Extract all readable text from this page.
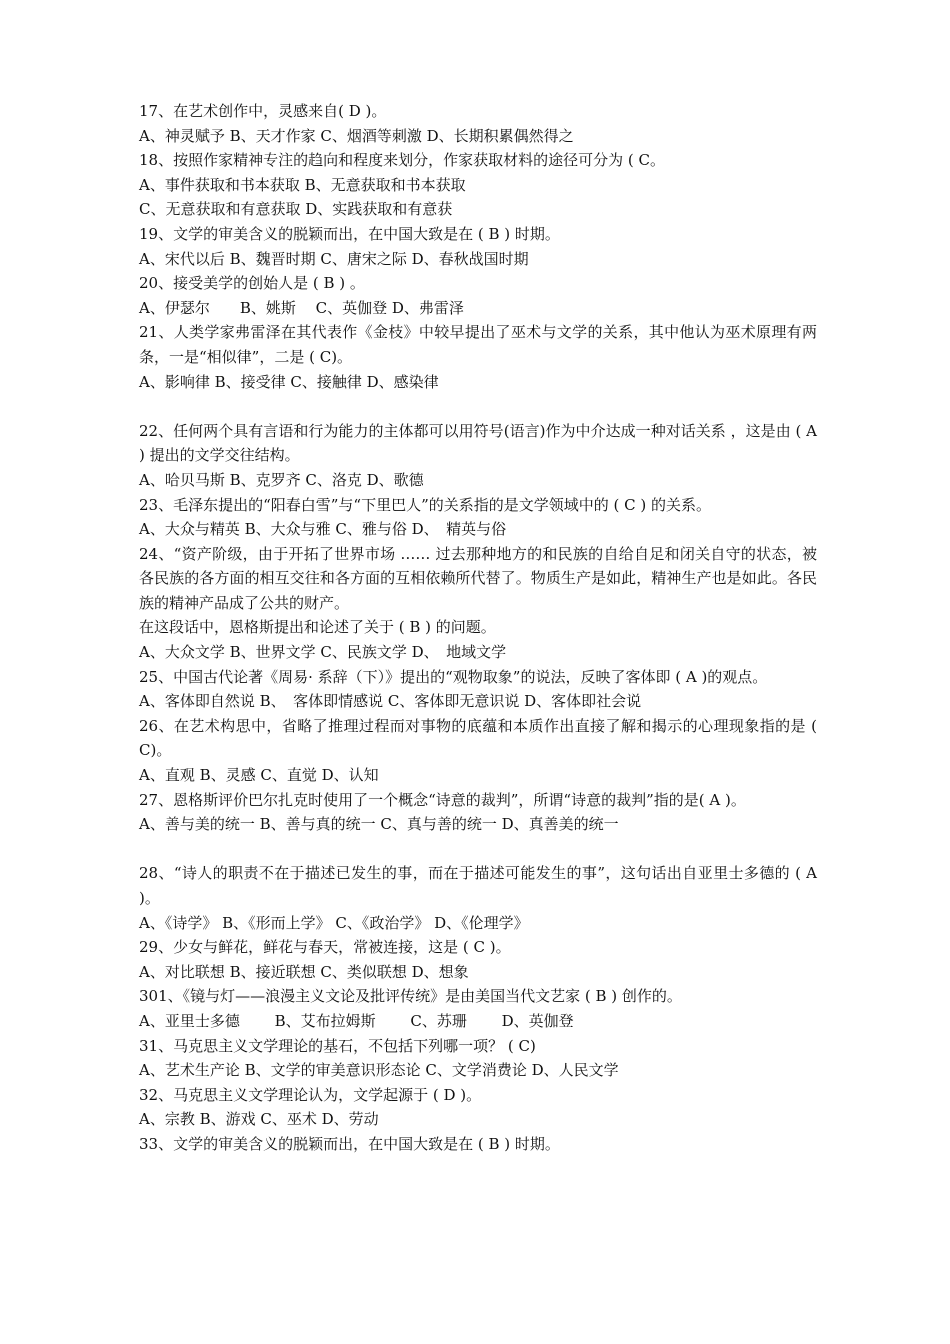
17、在艺术创作中，灵感来自( D )。
A、神灵赋予 B、天才作家 C、烟酒等刺激 D、长期积累偶然得之
18、按照作家精神专注的趋向和程度来划分，作家获取材料的途径可分为 ( C。
A、事件获取和书本获取 B、无意获取和书本获取
C、无意获取和有意获取 D、实践获取和有意获
19、文学的审美含义的脱颖而出，在中国大致是在 ( B ) 时期。
A、宋代以后 B、魏晋时期 C、唐宋之际 D、春秋战国时期
20、接受美学的创始人是 ( B ) 。
A、伊瑟尔　　B、姚斯　 C、英伽登 D、弗雷泽
21、人类学家弗雷泽在其代表作《金枝》中较早提出了巫术与文学的关系，其中他认为巫术原理有两条，一是“相似律”，二是 ( C)。
A、影响律 B、接受律 C、接触律 D、感染律
22、任何两个具有言语和行为能力的主体都可以用符号(语言)作为中介达成一种对话关系 ，这是由 ( A ) 提出的文学交往结构。
A、哈贝马斯 B、克罗齐 C、洛克 D、歌德
23、毛泽东提出的“阳春白雪”与“下里巴人”的关系指的是文学领域中的 ( C ) 的关系。
A、大众与精英 B、大众与雅 C、雅与俗 D、　精英与俗
24、“资产阶级，由于开拓了世界市场 …… 过去那种地方的和民族的自给自足和闭关自守的状态，被各民族的各方面的相互交往和各方面的互相依赖所代替了。物质生产是如此，精神生产也是如此。各民族的精神产品成了公共的财产。
在这段话中，恩格斯提出和论述了关于 ( B ) 的问题。
A、大众文学 B、世界文学 C、民族文学 D、　地域文学
25、中国古代论著《周易· 系辞（下）》提出的“观物取象”的说法，反映了客体即 ( A )的观点。
A、客体即自然说 B、　客体即情感说 C、客体即无意识说 D、客体即社会说
26、在艺术构思中，省略了推理过程而对事物的底蕴和本质作出直接了解和揭示的心理现象指的是 ( C)。
A、直观 B、灵感 C、直觉 D、认知
27、恩格斯评价巴尔扎克时使用了一个概念“诗意的裁判”，所谓“诗意的裁判”指的是( A )。
A、善与美的统一 B、善与真的统一 C、真与善的统一 D、真善美的统一
28、“诗人的职责不在于描述已发生的事，而在于描述可能发生的事”，这句话出自亚里士多德的 ( A )。
A、《诗学》 B、《形而上学》 C、《政治学》 D、《伦理学》
29、少女与鲜花，鲜花与春天，常被连接，这是 ( C )。
A、对比联想 B、接近联想 C、类似联想 D、想象
301、《镜与灯——浪漫主义文论及批评传统》是由美国当代文艺家 ( B ) 创作的。
A、亚里士多德　　 B、艾布拉姆斯　　 C、苏珊　　 D、英伽登
31、马克思主义文学理论的基石，不包括下列哪一项？ ( C)
A、艺术生产论 B、文学的审美意识形态论 C、文学消费论 D、人民文学
32、马克思主义文学理论认为，文学起源于 ( D )。
A、宗教 B、游戏 C、巫术 D、劳动
33、文学的审美含义的脱颖而出，在中国大致是在 ( B ) 时期。
